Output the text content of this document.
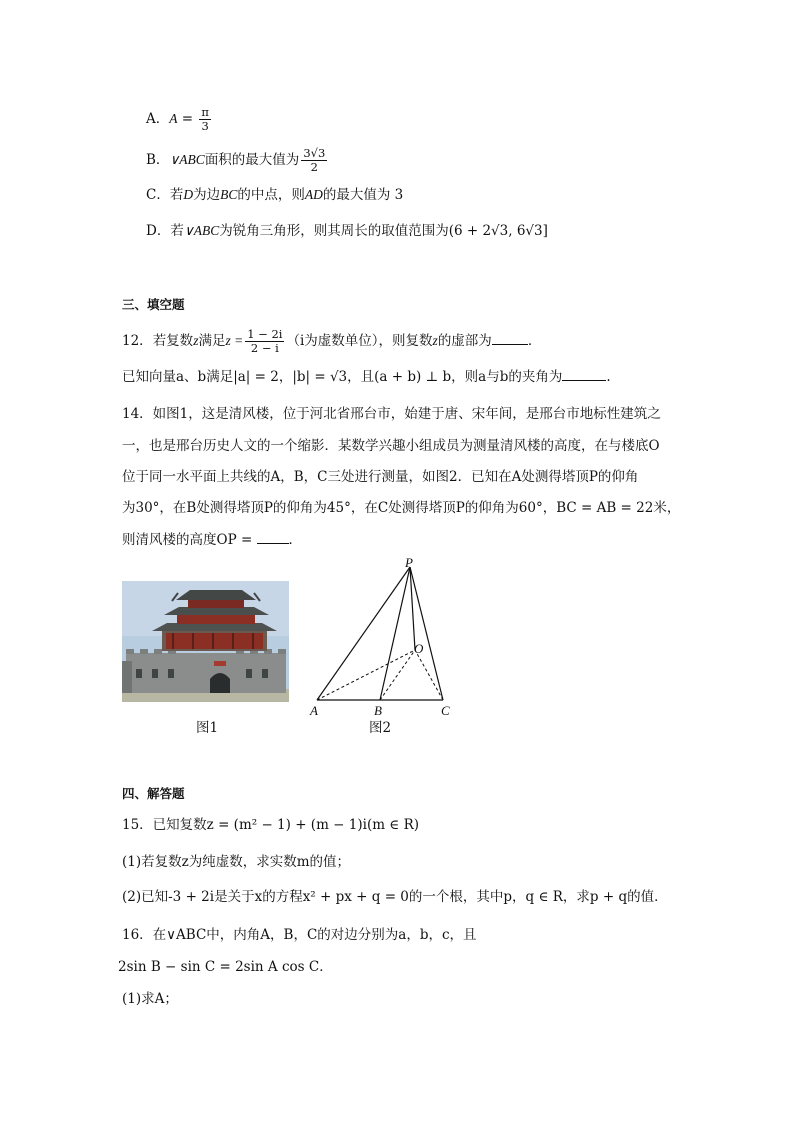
A．$A = \frac{\pi}{3}$
B．∨ABC面积的最大值为 $\frac{3√3}{2}$
C．若D为边BC的中点，则AD的最大值为 3
D．若∨ABC为锐角三角形，则其周长的取值范围为(6 + 2√3, 6√3]
三、填空题
12．若复数z满足$z = \frac{1 - 2i}{2 - i} (i$为虚数单位），则复数z的虚部为	．
已知向量a、b满足|a| = 2，|b| = √3，且(a + b) ⊥ b，则a与b的夹角为	.
14．如图1，这是清风楼，位于河北省邢台市，始建于唐、宋年间，是邢台市地标性建筑之
一，也是邢台历史人文的一个缩影．某数学兴趣小组成员为测量清风楼的高度，在与楼底O
位于同一水平面上共线的A，B，C三处进行测量，如图2．已知在A处测得塔顶P的仰角
为30°，在B处测得塔顶P的仰角为45°，在C处测得塔顶P的仰角为60°，BC = AB = 22米，
则清风楼的高度OP = ．
图1
P
O
A	B	C
图2
四、解答题
15．已知复数z = (m² − 1) + (m − 1)i(m ∈ R)
(1)若复数z为纯虚数，求实数m的值；
(2)已知-3 + 2i是关于x的方程x² + px + q = 0的一个根，其中p，q ∈ R，求p + q的值．
16．在∨ABC中，内角A，B，C的对边分别为a，b，c，且
2sin B − sin C = 2sin A cos C．
(1)求A；
